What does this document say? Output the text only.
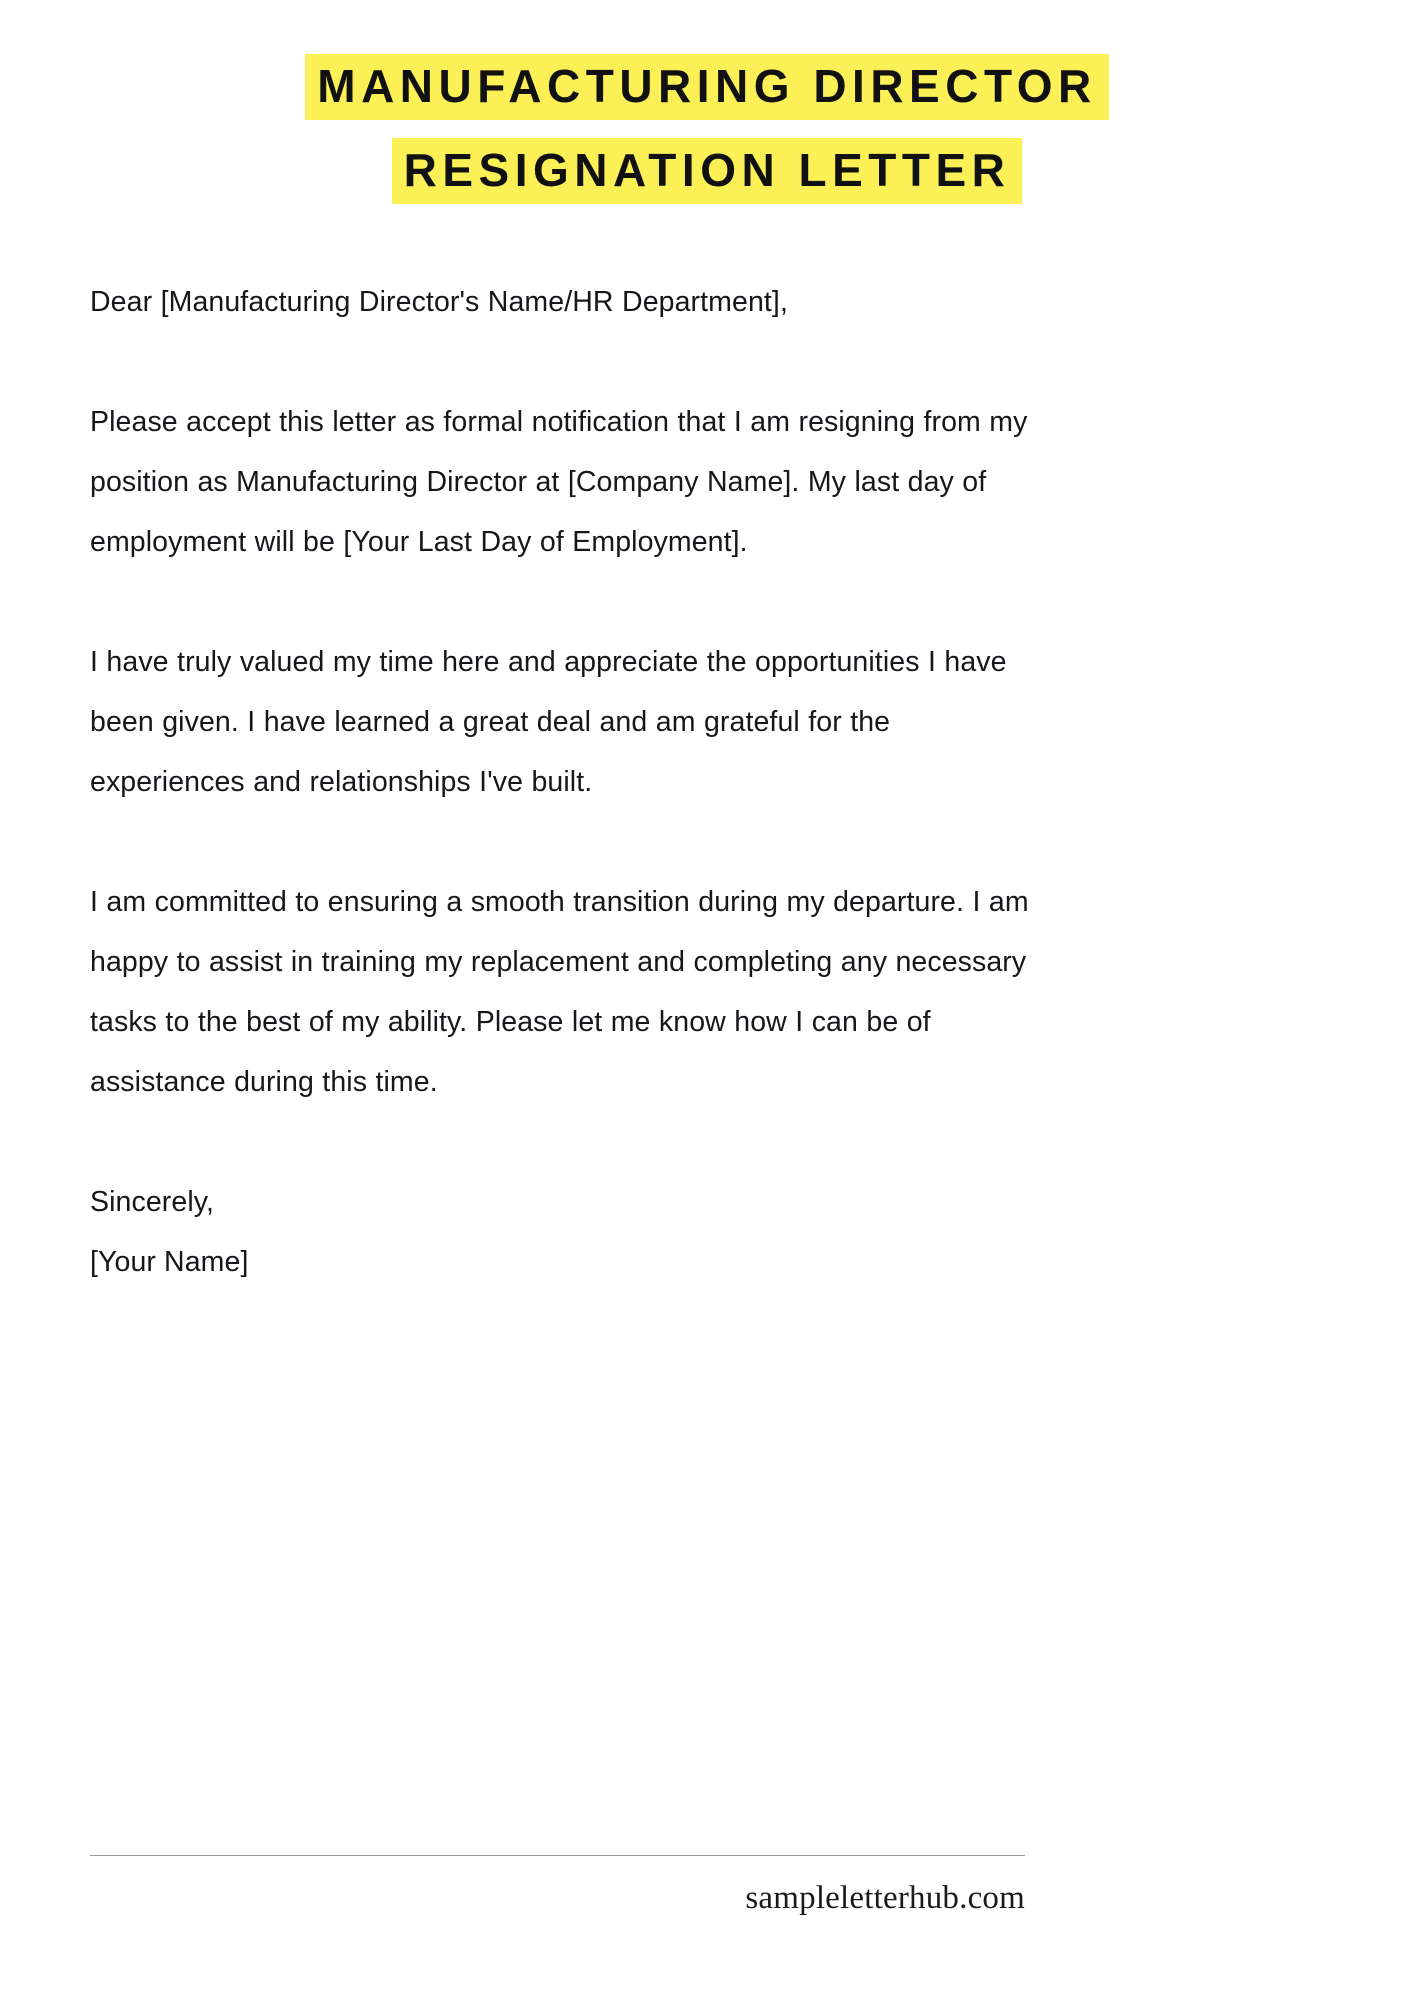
MANUFACTURING DIRECTOR
RESIGNATION LETTER

Dear [Manufacturing Director's Name/HR Department],

Please accept this letter as formal notification that I am resigning from my position as Manufacturing Director at [Company Name]. My last day of employment will be [Your Last Day of Employment].

I have truly valued my time here and appreciate the opportunities I have been given. I have learned a great deal and am grateful for the experiences and relationships I've built.

I am committed to ensuring a smooth transition during my departure. I am happy to assist in training my replacement and completing any necessary tasks to the best of my ability. Please let me know how I can be of assistance during this time.

Sincerely,

[Your Name]

sampleletterhub.com
